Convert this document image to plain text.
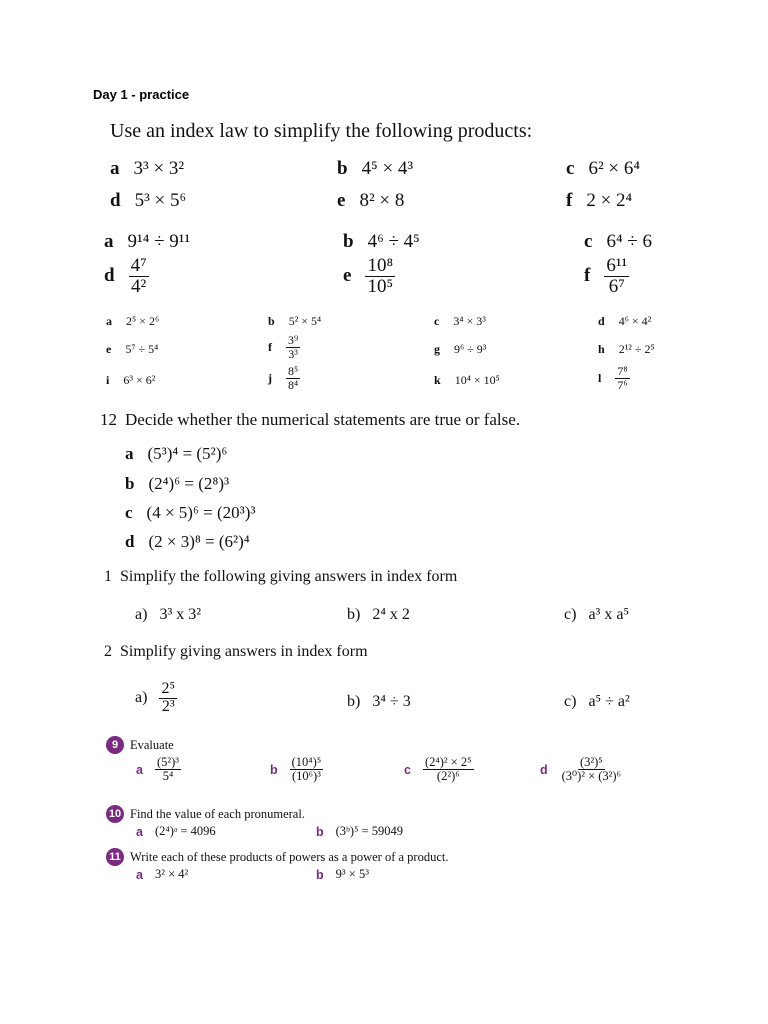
Day 1 - practice
Use an index law to simplify the following products:
a 3³ × 3²	b 4⁵ × 4³	c 6² × 6⁴
d 5³ × 5⁶	e 8² × 8	f 2 × 2⁴
a 9¹⁴ ÷ 9¹¹	b 4⁶ ÷ 4⁵	c 6⁴ ÷ 6
d $\frac{\text{4⁷}}{\text{4²}}$	e $\frac{\text{10⁸}}{\text{10⁵}}$	f $\frac{\text{6¹¹}}{\text{6⁷}}$
a 2⁵ × 2⁶	b 5² × 5⁴	c 3⁴ × 3³	d 4⁶ × 4²
e 5⁷ ÷ 5⁴	f $\frac{\text{3⁹}}{\text{3³}}$	g 9⁶ ÷ 9³	h 2¹² ÷ 2⁵
i 6³ × 6²	j $\frac{\text{8⁵}}{\text{8⁴}}$	k 10⁴ × 10⁵	l $\frac{\text{7⁸}}{\text{7⁶}}$
12 Decide whether the numerical statements are true or false.
a (5³)⁴ = (5²)⁶
b (2⁴)⁶ = (2⁸)³
c (4 × 5)⁶ = (20³)³
d (2 × 3)⁸ = (6²)⁴
1 Simplify the following giving answers in index form
a) 3³ x 3²	b) 2⁴ x 2	c) a³ x a⁵
2 Simplify giving answers in index form
$a) \frac{\text{2⁵}}{\text{2³}}$	b) 3⁴ ÷ 3	c) a⁵ ÷ a²
9 Evaluate
a $\frac{\text{(5²)³}}{\text{5⁴}}$	b $\frac{\text{(10⁴)⁵}}{\text{(10⁶)³}}$	c $\frac{\text{(2⁴)² × 2⁵}}{\text{(2²)⁶}}$	d $\frac{\text{(3²)⁵}}{\text{(3⁰)² × (3²)⁶}}$
10 Find the value of each pronumeral.
a (2⁴)ᵃ = 4096	b (3ᵇ)⁵ = 59049
11 Write each of these products of powers as a power of a product.
a 3² × 4²	b 9³ × 5³
